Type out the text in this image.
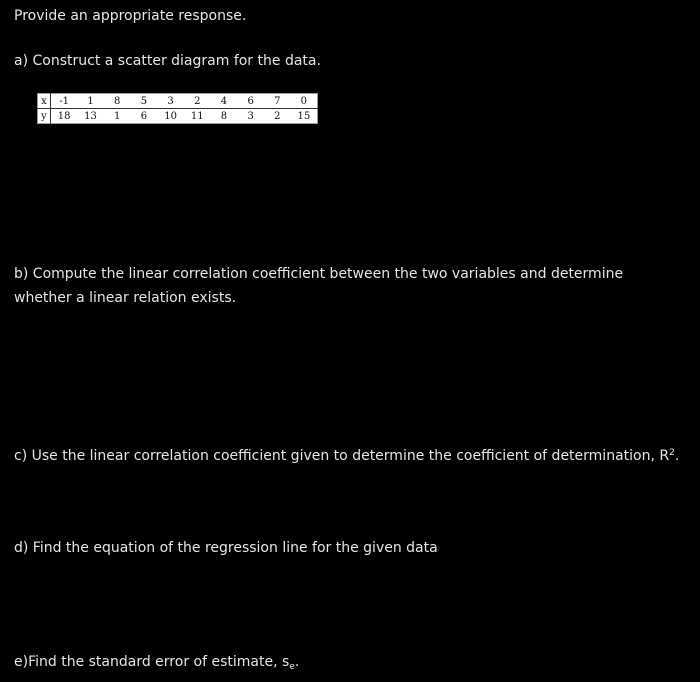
Provide an appropriate response.
a) Construct a scatter diagram for the data.
x	-1	1	8	5	3	2	4	6	7	0
y	18	13	1	6	10	11	8	3	2	15
b) Compute the linear correlation coefficient between the two variables and determine whether a linear relation exists.
c) Use the linear correlation coefficient given to determine the coefficient of determination, $R^2$.
d) Find the equation of the regression line for the given data
e)Find the standard error of estimate, $s_e$.
